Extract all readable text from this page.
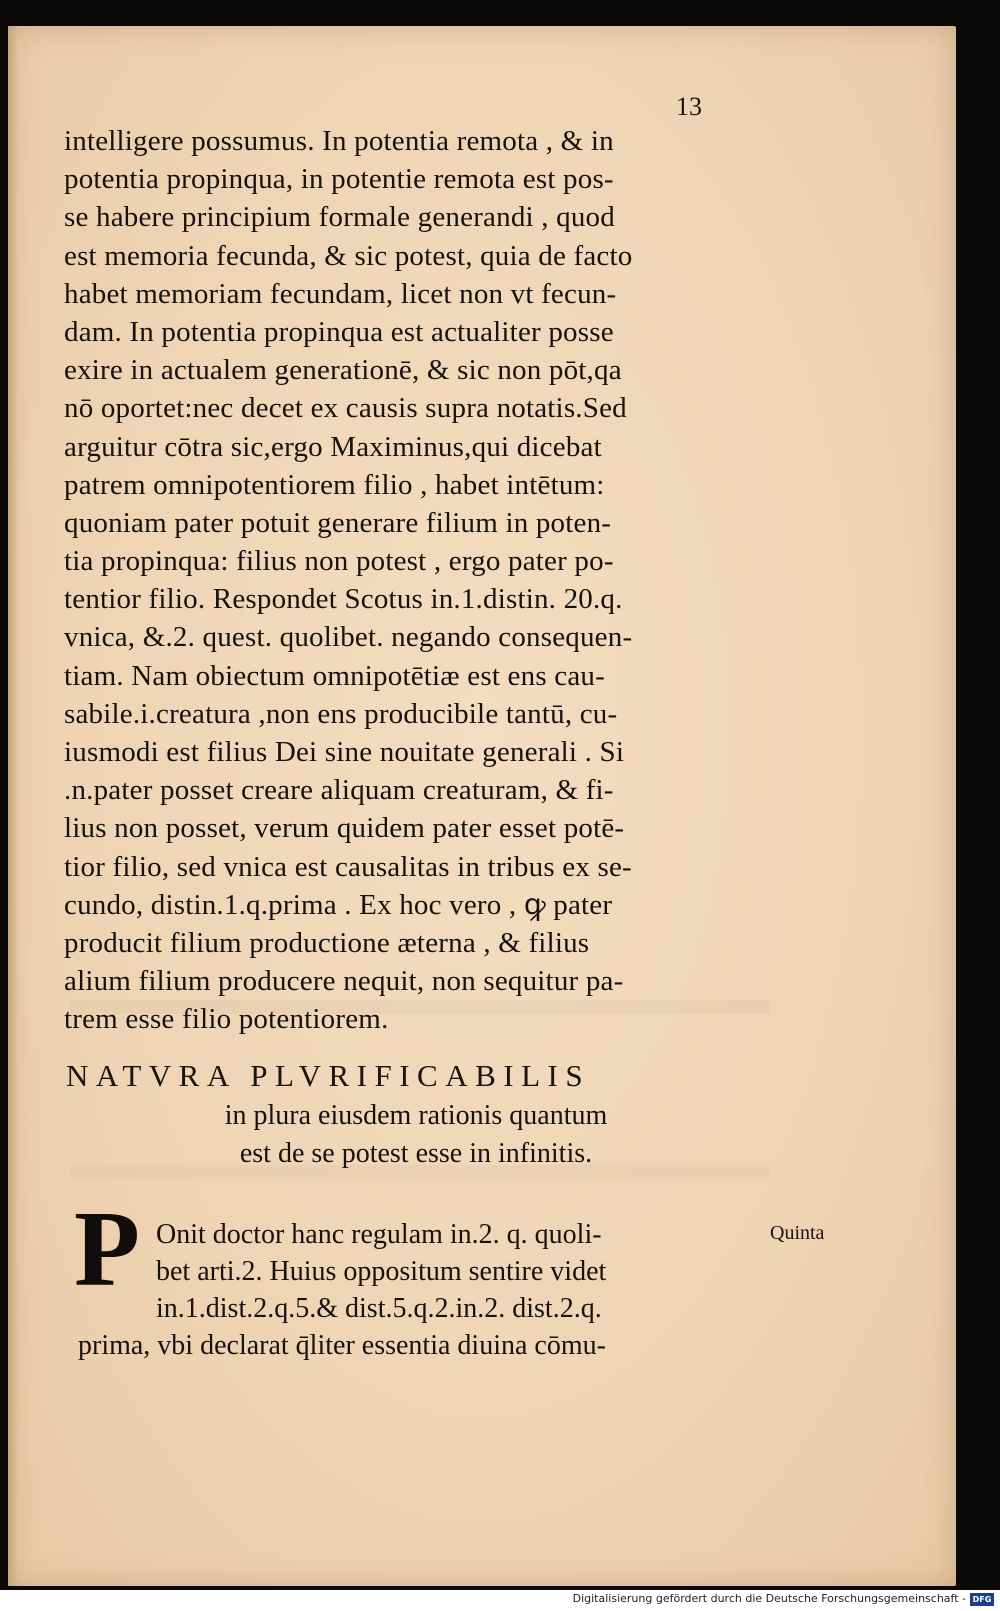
13
intelligere possumus. In potentia remota , & in
potentia propinqua, in potentie remota est pos-
se habere principium formale generandi , quod
est memoria fecunda, & sic potest, quia de facto
habet memoriam fecundam, licet non vt fecun-
dam. In potentia propinqua est actualiter posse
exire in actualem generationē, & sic non pōt,qa
nō oportet:nec decet ex causis supra notatis.Sed
arguitur cōtra sic,ergo Maximinus,qui dicebat
patrem omnipotentiorem filio , habet intētum:
quoniam pater potuit generare filium in poten-
tia propinqua: filius non potest , ergo pater po-
tentior filio. Respondet Scotus in.1.distin. 20.q.
vnica, &.2. quest. quolibet. negando consequen-
tiam. Nam obiectum omnipotētiæ est ens cau-
sabile.i.creatura ,non ens producibile tantū, cu-
iusmodi est filius Dei sine nouitate generali . Si
.n.pater posset creare aliquam creaturam, & fi-
lius non posset, verum quidem pater esset potē-
tior filio, sed vnica est causalitas in tribus ex se-
cundo, distin.1.q.prima . Ex hoc vero , ꝙ pater
producit filium productione æterna , & filius
alium filium producere nequit, non sequitur pa-
trem esse filio potentiorem.
NATVRA PLVRIFICABILIS
in plura eiusdem rationis quantum
est de se potest esse in infinitis.
P Onit doctor hanc regulam in.2. q. quoli-
bet arti.2. Huius oppositum sentire videt
in.1.dist.2.q.5.& dist.5.q.2.in.2. dist.2.q.
prima, vbi declarat q̄liter essentia diuina cōmu-
Quinta
Digitalisierung gefördert durch die Deutsche Forschungsgemeinschaft - DFG
